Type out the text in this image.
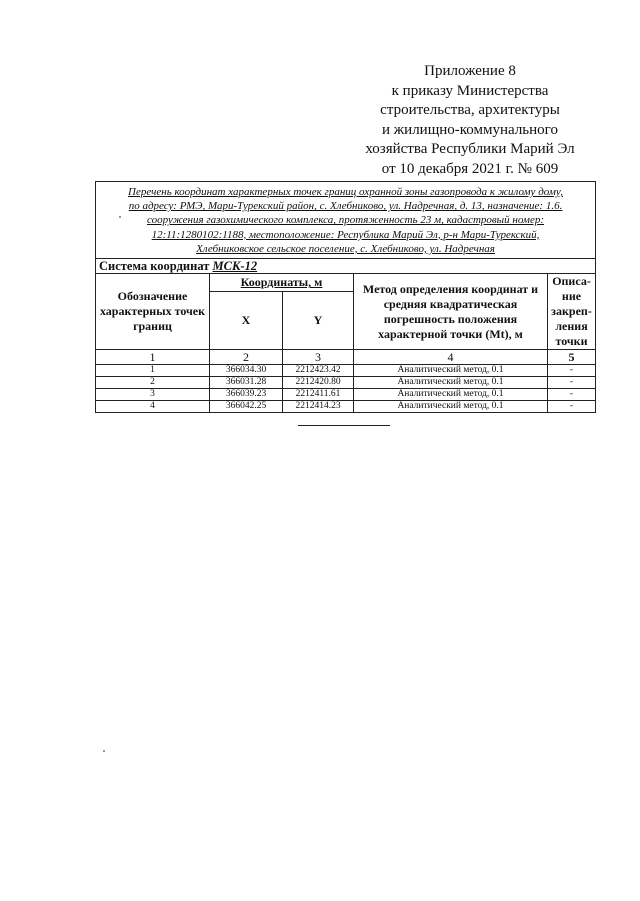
Приложение 8
к приказу Министерства
строительства, архитектуры
и жилищно-коммунального
хозяйства Республики Марий Эл
от 10 декабря 2021 г. № 609
Перечень координат характерных точек границ охранной зоны газопровода к жилому дому,
по адресу: РМЭ, Мари-Турекский район, с. Хлебниково, ул. Надречная, д. 13, назначение: 1.6.
сооружения газохимического комплекса, протяженность 23 м, кадастровый номер:
12:11:1280102:1188, местоположение: Республика Марий Эл, р-н Мари-Турекский,
Хлебниковское сельское поселение, с. Хлебниково, ул. Надречная				

Система координат МСК-12				
Обозначение
характерных точек
границ	Координаты, м		Метод определения координат и
средняя квадратическая
погрешность положения
характерной точки (Mt), м	Описа-
ние
закреп-
ления
точки
	X	Y		
1	2	3	4	5
1	366034.30	2212423.42	Аналитический метод, 0.1	-
2	366031.28	2212420.80	Аналитический метод, 0.1	-
3	366039.23	2212411.61	Аналитический метод, 0.1	-
4	366042.25	2212414.23	Аналитический метод, 0.1	-
